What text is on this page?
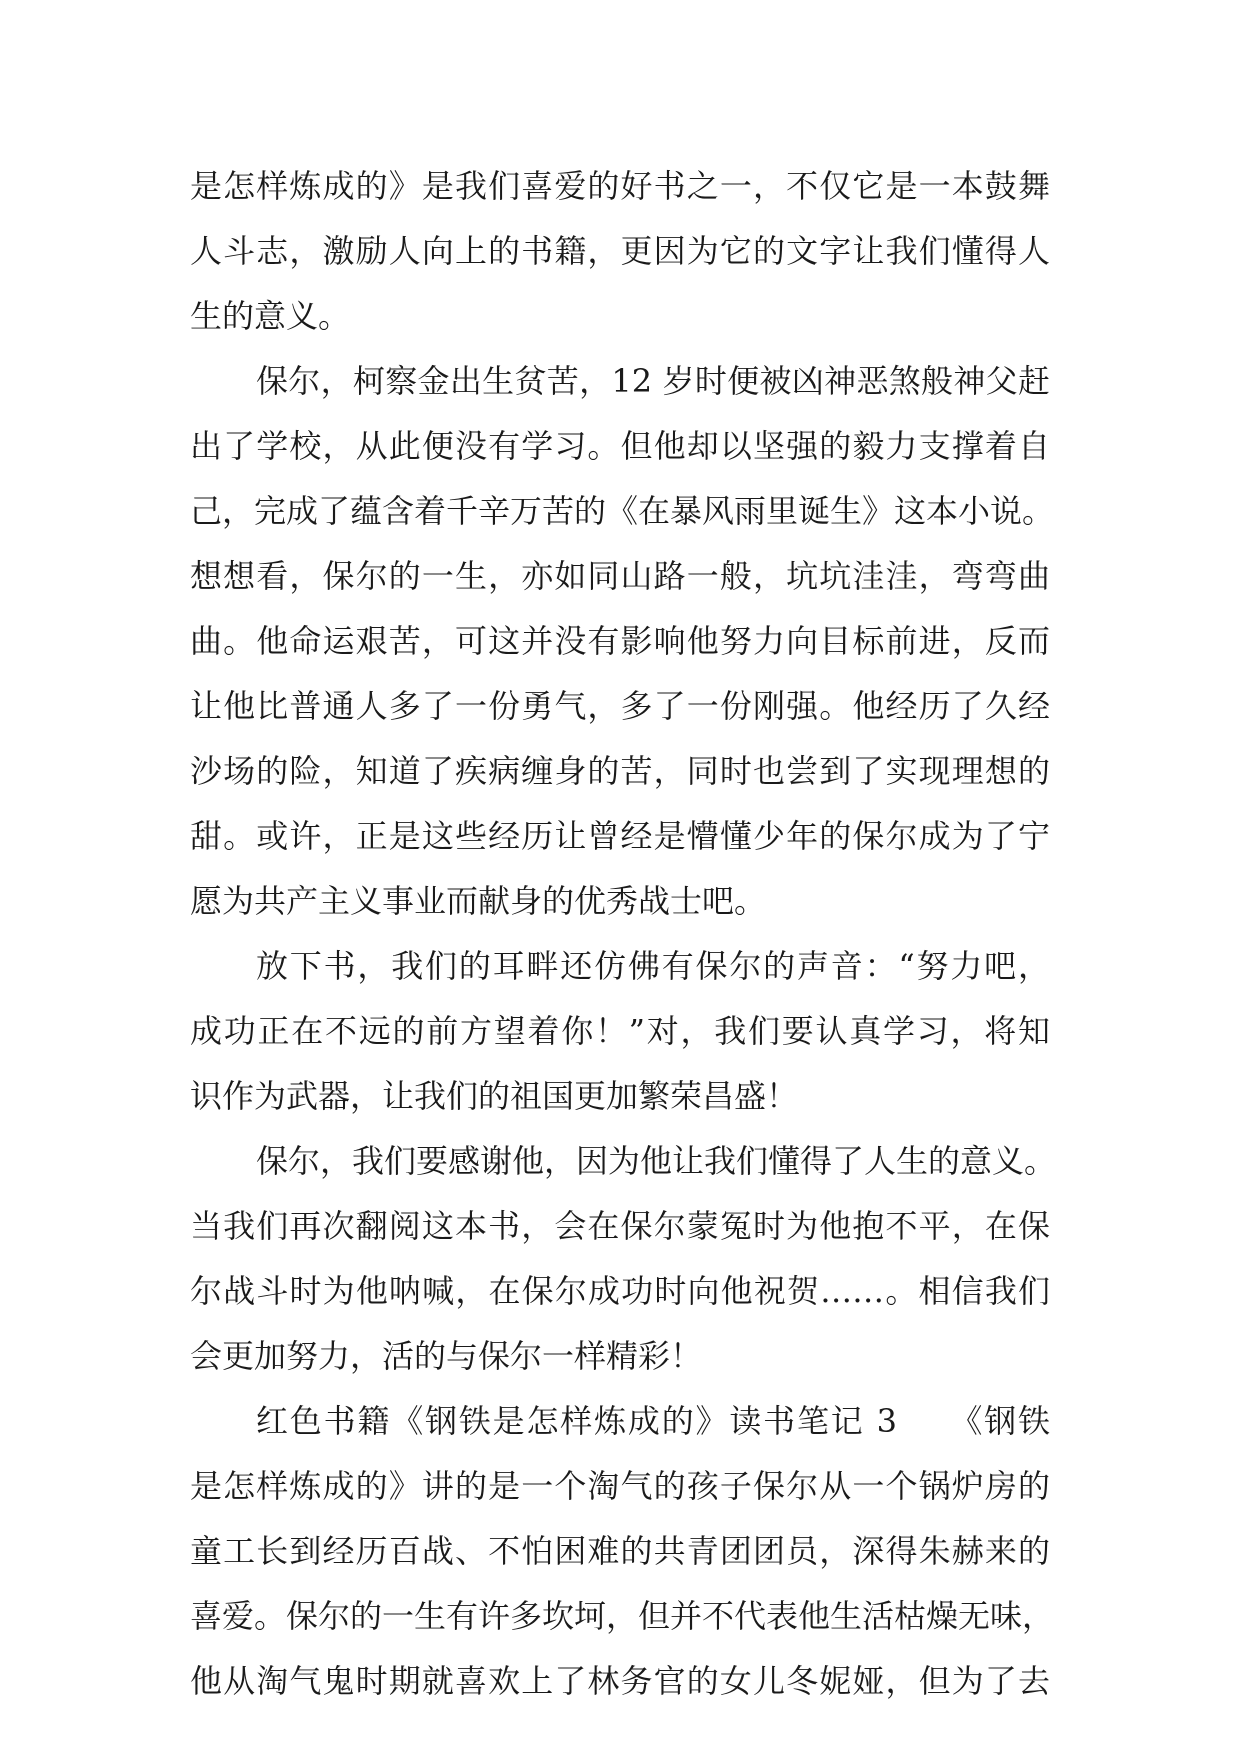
是怎样炼成的》是我们喜爱的好书之一，不仅它是一本鼓舞
人斗志，激励人向上的书籍，更因为它的文字让我们懂得人
生的意义。
保尔，柯察金出生贫苦，12 岁时便被凶神恶煞般神父赶
出了学校，从此便没有学习。但他却以坚强的毅力支撑着自
己，完成了蕴含着千辛万苦的《在暴风雨里诞生》这本小说。
想想看，保尔的一生，亦如同山路一般，坑坑洼洼，弯弯曲
曲。他命运艰苦，可这并没有影响他努力向目标前进，反而
让他比普通人多了一份勇气，多了一份刚强。他经历了久经
沙场的险，知道了疾病缠身的苦，同时也尝到了实现理想的
甜。或许，正是这些经历让曾经是懵懂少年的保尔成为了宁
愿为共产主义事业而献身的优秀战士吧。
放下书，我们的耳畔还仿佛有保尔的声音：“努力吧，
成功正在不远的前方望着你！”对，我们要认真学习，将知
识作为武器，让我们的祖国更加繁荣昌盛！
保尔，我们要感谢他，因为他让我们懂得了人生的意义。
当我们再次翻阅这本书，会在保尔蒙冤时为他抱不平，在保
尔战斗时为他呐喊，在保尔成功时向他祝贺……。相信我们
会更加努力，活的与保尔一样精彩！
红色书籍《钢铁是怎样炼成的》读书笔记 3　　《钢铁
是怎样炼成的》讲的是一个淘气的孩子保尔从一个锅炉房的
童工长到经历百战、不怕困难的共青团团员，深得朱赫来的
喜爱。保尔的一生有许多坎坷，但并不代表他生活枯燥无味，
他从淘气鬼时期就喜欢上了林务官的女儿冬妮娅，但为了去
